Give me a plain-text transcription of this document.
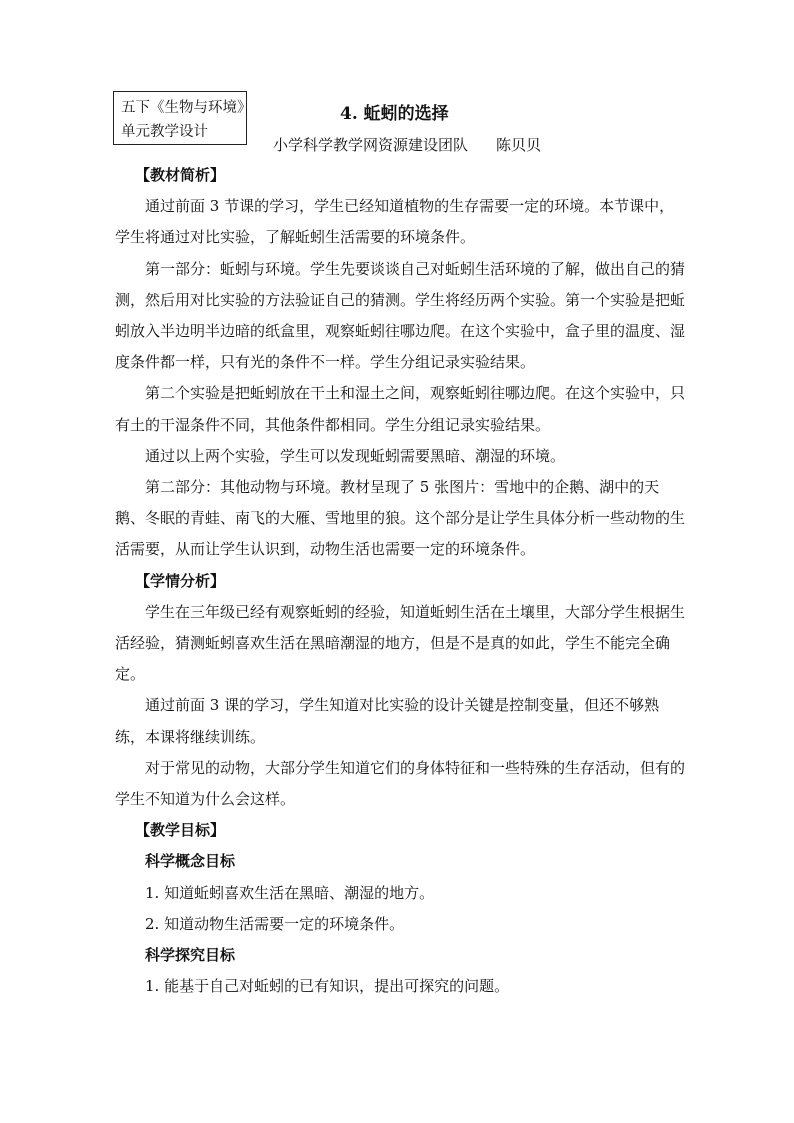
五下《生物与环境》
单元教学设计
4. 蚯蚓的选择
小学科学教学网资源建设团队 陈贝贝
【教材简析】

通过前面 3 节课的学习，学生已经知道植物的生存需要一定的环境。本节课中，学生将通过对比实验，了解蚯蚓生活需要的环境条件。

第一部分：蚯蚓与环境。学生先要谈谈自己对蚯蚓生活环境的了解，做出自己的猜测，然后用对比实验的方法验证自己的猜测。学生将经历两个实验。第一个实验是把蚯蚓放入半边明半边暗的纸盒里，观察蚯蚓往哪边爬。在这个实验中，盒子里的温度、湿度条件都一样，只有光的条件不一样。学生分组记录实验结果。

第二个实验是把蚯蚓放在干土和湿土之间，观察蚯蚓往哪边爬。在这个实验中，只有土的干湿条件不同，其他条件都相同。学生分组记录实验结果。

通过以上两个实验，学生可以发现蚯蚓需要黑暗、潮湿的环境。

第二部分：其他动物与环境。教材呈现了 5 张图片：雪地中的企鹅、湖中的天鹅、冬眠的青蛙、南飞的大雁、雪地里的狼。这个部分是让学生具体分析一些动物的生活需要，从而让学生认识到，动物生活也需要一定的环境条件。

【学情分析】

学生在三年级已经有观察蚯蚓的经验，知道蚯蚓生活在土壤里，大部分学生根据生活经验，猜测蚯蚓喜欢生活在黑暗潮湿的地方，但是不是真的如此，学生不能完全确定。

通过前面 3 课的学习，学生知道对比实验的设计关键是控制变量，但还不够熟练，本课将继续训练。

对于常见的动物，大部分学生知道它们的身体特征和一些特殊的生存活动，但有的学生不知道为什么会这样。

【教学目标】
科学概念目标

1. 知道蚯蚓喜欢生活在黑暗、潮湿的地方。

2. 知道动物生活需要一定的环境条件。

科学探究目标

1. 能基于自己对蚯蚓的已有知识，提出可探究的问题。
